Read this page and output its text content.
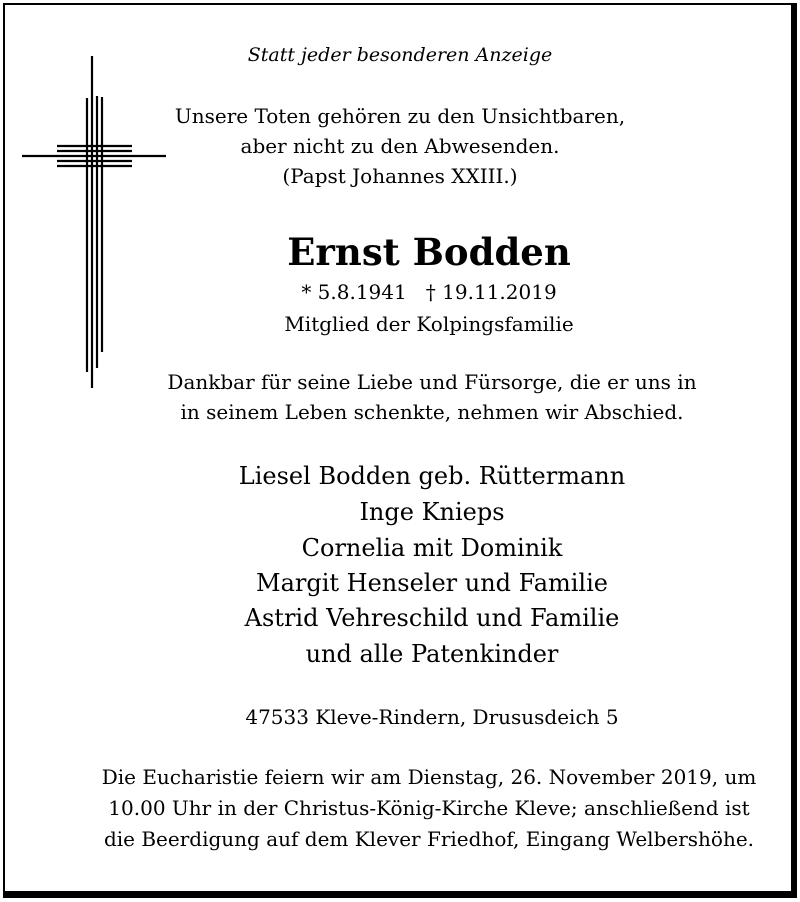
Statt jeder besonderen Anzeige
Unsere Toten gehören zu den Unsichtbaren,
aber nicht zu den Abwesenden.
(Papst Johannes XXIII.)
Ernst Bodden
* 5.8.1941   † 19.11.2019
Mitglied der Kolpingsfamilie
Dankbar für seine Liebe und Fürsorge, die er uns in
in seinem Leben schenkte, nehmen wir Abschied.
Liesel Bodden geb. Rüttermann
Inge Knieps
Cornelia mit Dominik
Margit Henseler und Familie
Astrid Vehreschild und Familie
und alle Patenkinder
47533 Kleve-Rindern, Drususdeich 5
Die Eucharistie feiern wir am Dienstag, 26. November 2019, um
10.00 Uhr in der Christus-König-Kirche Kleve; anschließend ist
die Beerdigung auf dem Klever Friedhof, Eingang Welbershöhe.
